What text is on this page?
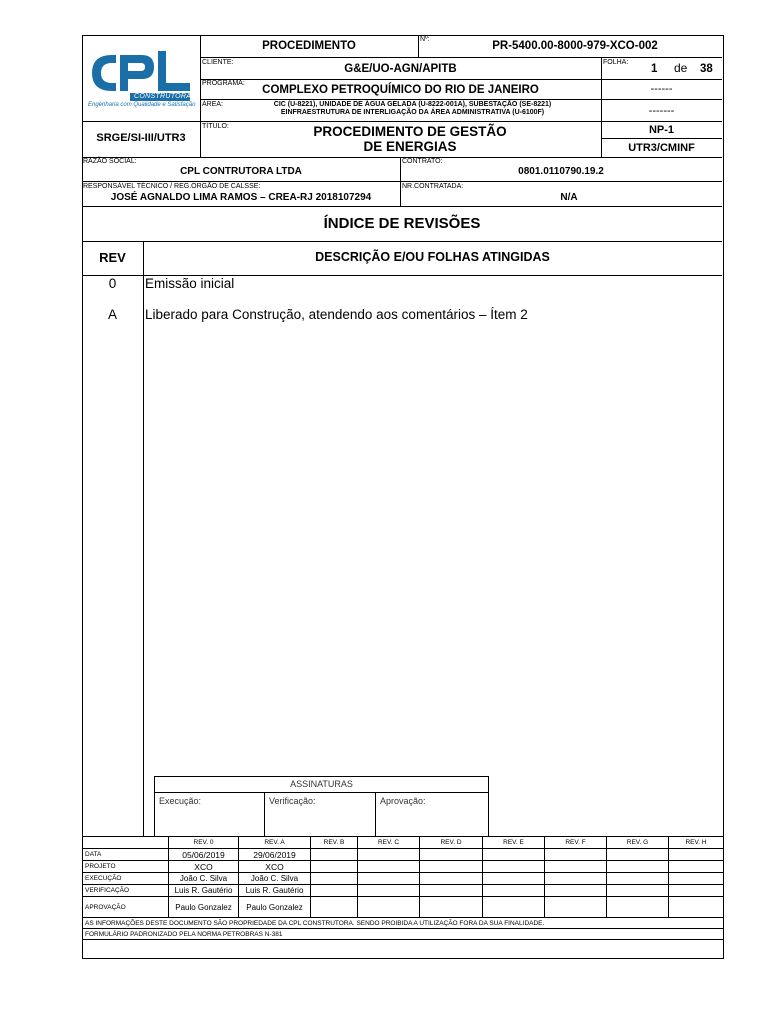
CONSTRUTORA
Engenharia com Qualidade e Satisfação
PROCEDIMENTO
Nº:
PR-5400.00-8000-979-XCO-002
CLIENTE:
G&E/UO-AGN/APITB
FOLHA:
1 de 38
PROGRAMA:
COMPLEXO PETROQUÍMICO DO RIO DE JANEIRO	------
ÁREA:	CIC (U-8221), UNIDADE DE ÁGUA GELADA (U-8222-001A), SUBESTAÇÃO (SE-8221)
EINFRAESTRUTURA DE INTERLIGAÇÃO DA ÁREA ADMINISTRATIVA (U-6100F)	-------
SRGE/SI-III/UTR3
TÍTULO:	PROCEDIMENTO DE GESTÃO
DE ENERGIAS
NP-1
UTR3/CMINF
RAZÃO SOCIAL:
CPL CONTRUTORA LTDA
CONTRATO:
0801.0110790.19.2
RESPONSÁVEL TÉCNICO / REG.ÓRGÃO DE CALSSE:
JOSÉ AGNALDO LIMA RAMOS – CREA-RJ 2018107294
NR.CONTRATADA:
N/A
ÍNDICE DE REVISÕES
REV	DESCRIÇÃO E/OU FOLHAS ATINGIDAS
0	Emissão inicial
A	Liberado para Construção, atendendo aos comentários – Ítem 2
ASSINATURAS
Execução:	Verificação:	Aprovação:
	REV. 0	REV. A	REV. B	REV. C	REV. D	REV. E	REV. F	REV. G	REV. H
DATA	05/06/2019	29/06/2019							
PROJETO	XCO	XCO							
EXECUÇÃO	João C. Silva	João C. Silva							
VERIFICAÇÃO	Luis R. Gautério	Luis R. Gautério							
APROVAÇÃO	Paulo Gonzalez	Paulo Gonzalez							
AS INFORMAÇÕES DESTE DOCUMENTO SÃO PROPRIEDADE DA CPL CONSTRUTORA. SENDO PROIBIDA A UTILIZAÇÃO FORA DA SUA FINALIDADE.									
FORMULÁRIO PADRONIZADO PELA NORMA PETROBRAS N-381									
